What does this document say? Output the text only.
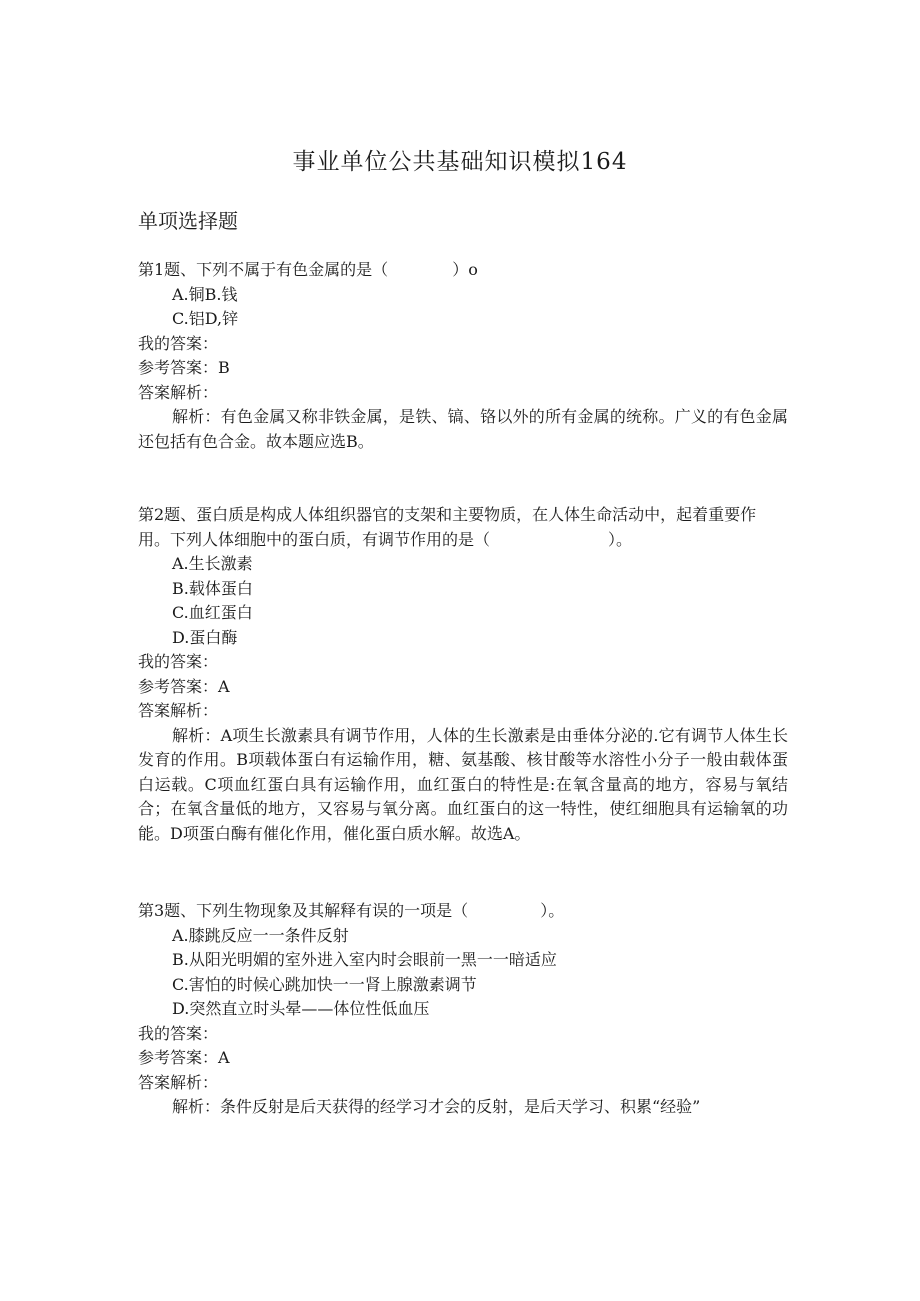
事业单位公共基础知识模拟164
单项选择题
第1题、下列不属于有色金属的是（	）o
A.铜B.钱
C.铝D,锌
我的答案：
参考答案：B
答案解析：
解析：有色金属又称非铁金属，是铁、镐、铬以外的所有金属的统称。广义的有色金属还包括有色合金。故本题应选B。
第2题、蛋白质是构成人体组织器官的支架和主要物质，在人体生命活动中，起着重要作用。下列人体细胞中的蛋白质，有调节作用的是（	）。
A.生长激素
B.载体蛋白
C.血红蛋白
D.蛋白酶
我的答案：
参考答案：A
答案解析：
解析：A项生长激素具有调节作用，人体的生长激素是由垂体分泌的.它有调节人体生长发育的作用。B项载体蛋白有运输作用，糖、氨基酸、核甘酸等水溶性小分子一般由载体蛋白运载。C项血红蛋白具有运输作用，血红蛋白的特性是:在氧含量高的地方，容易与氧结合；在氧含量低的地方，又容易与氧分离。血红蛋白的这一特性，使红细胞具有运输氧的功能。D项蛋白酶有催化作用，催化蛋白质水解。故选A。
第3题、下列生物现象及其解释有误的一项是（	）。
A.膝跳反应一一条件反射
B.从阳光明媚的室外进入室内时会眼前一黑一一暗适应
C.害怕的时候心跳加快一一肾上腺激素调节
D.突然直立时头晕——体位性低血压
我的答案：
参考答案：A
答案解析：
解析：条件反射是后天获得的经学习才会的反射，是后天学习、积累“经验”
